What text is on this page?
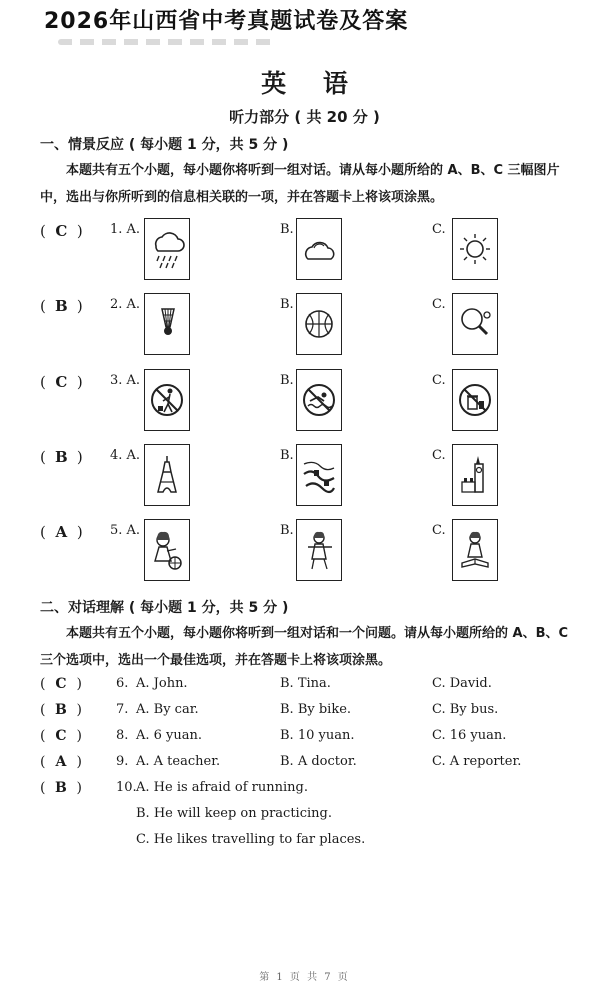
2026年山西省中考真题试卷及答案
英 语
听力部分 ( 共 20 分 )
一、情景反应 ( 每小题 1 分，共 5 分 )
本题共有五个小题，每小题你将听到一组对话。请从每小题所给的 A、B、C 三幅图片中，选出与你所听到的信息相关联的一项，并在答题卡上将该项涂黑。
( C ) 1. A.	B.	C.
( B ) 2. A.	B.	C.
( C ) 3. A.	B.	C.
( B ) 4. A.	B.	C.
( A ) 5. A.	B.	C.
二、对话理解 ( 每小题 1 分，共 5 分 )
本题共有五个小题，每小题你将听到一组对话和一个问题。请从每小题所给的 A、B、C 三个选项中，选出一个最佳选项，并在答题卡上将该项涂黑。
( C )	6. A. John.	B. Tina.	C. David.
( B )	7. A. By car.	B. By bike.	C. By bus.
( C )	8. A. 6 yuan.	B. 10 yuan.	C. 16 yuan.
( A )	9. A. A teacher.	B. A doctor.	C. A reporter.
( B )	10. A. He is afraid of running.
B. He will keep on practicing.
C. He likes travelling to far places.
第 1 页 共 7 页
